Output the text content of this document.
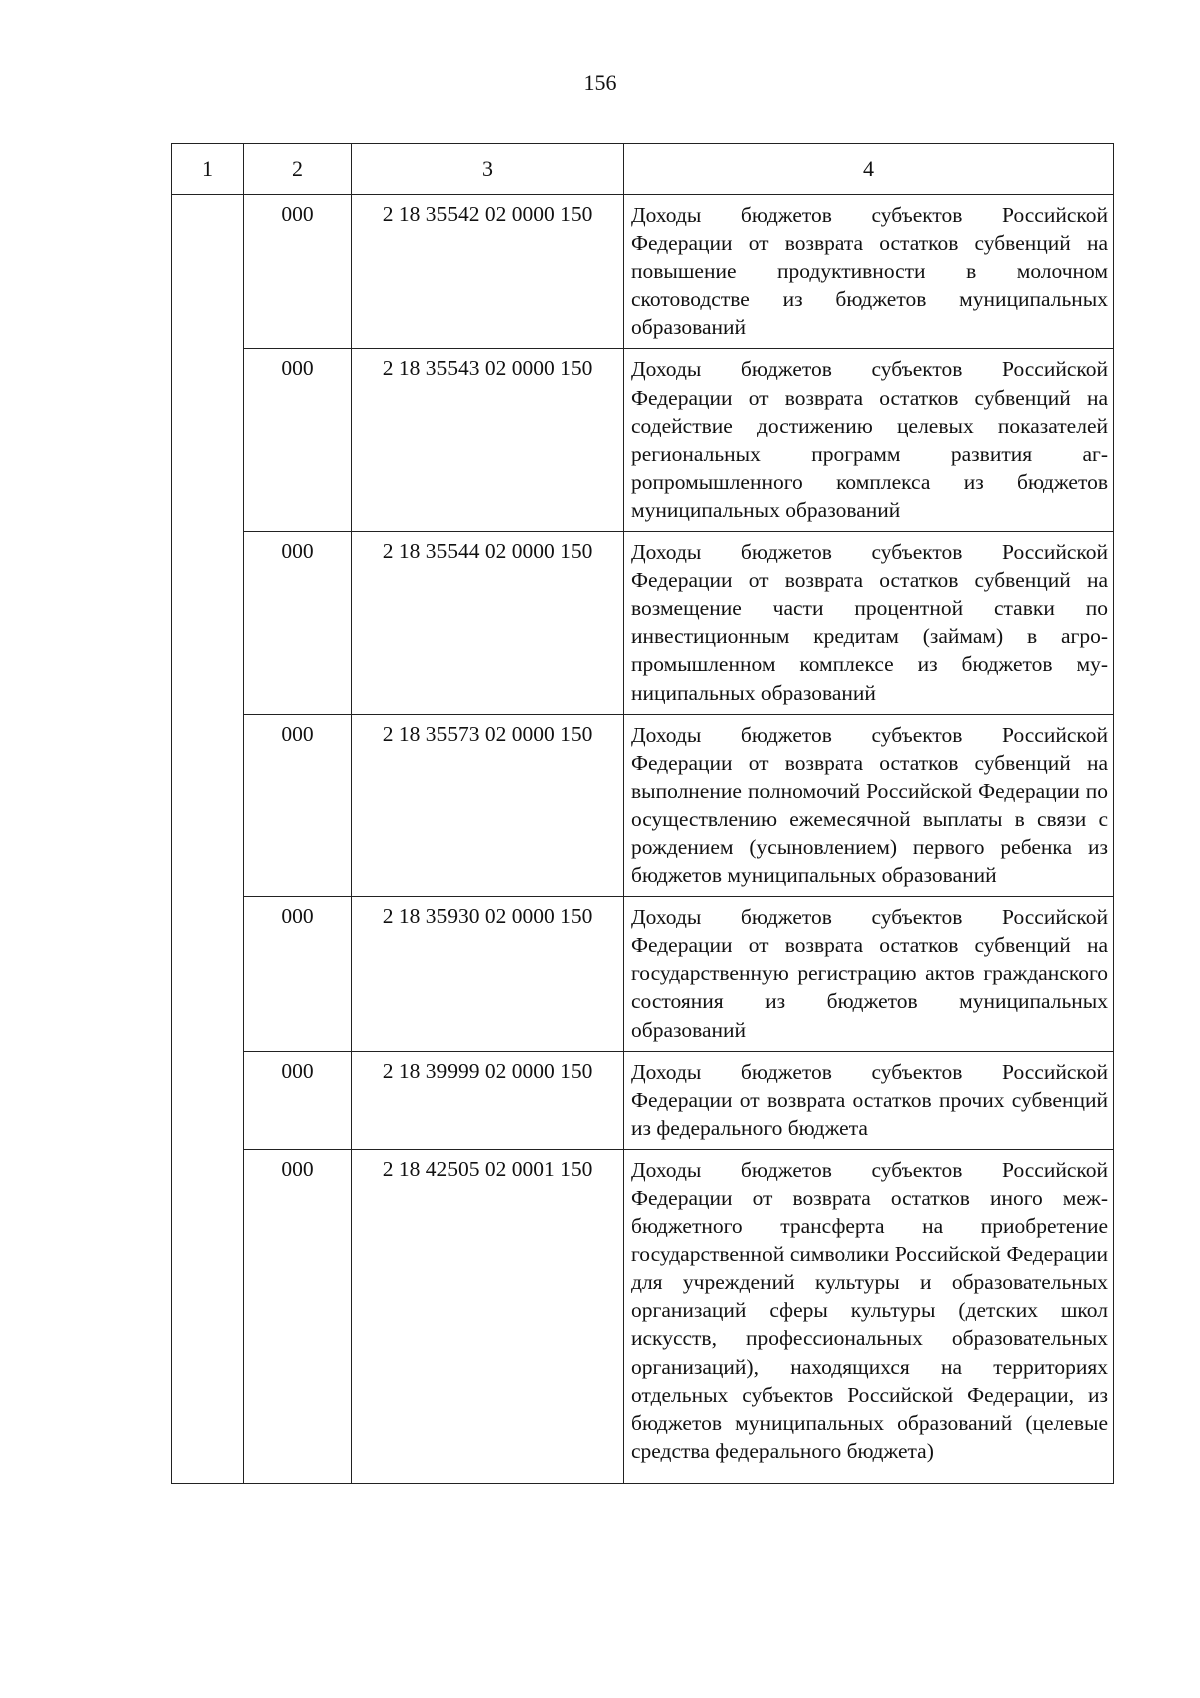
156
1	2	3	4
	000	2 18 35542 02 0000 150	Доходы бюджетов субъектов Российской Федерации от возврата остатков субвенций на повышение продуктивности в молочном скотоводстве из бюджетов муниципальных образований
	000	2 18 35543 02 0000 150	Доходы бюджетов субъектов Российской Федерации от возврата остатков субвенций на содействие достижению целевых показателей региональных программ развития агропромышленного комплекса из бюджетов муниципальных образований
	000	2 18 35544 02 0000 150	Доходы бюджетов субъектов Российской Федерации от возврата остатков субвенций на возмещение части процентной ставки по инвестиционным кредитам (займам) в агропромышленном комплексе из бюджетов муниципальных образований
	000	2 18 35573 02 0000 150	Доходы бюджетов субъектов Российской Федерации от возврата остатков субвенций на выполнение полномочий Российской Федерации по осуществлению ежемесячной выплаты в связи с рождением (усыновлением) первого ребенка из бюджетов муниципальных образований
	000	2 18 35930 02 0000 150	Доходы бюджетов субъектов Российской Федерации от возврата остатков субвенций на государственную регистрацию актов гражданского состояния из бюджетов муниципальных образований
	000	2 18 39999 02 0000 150	Доходы бюджетов субъектов Российской Федерации от возврата остатков прочих субвенций из федерального бюджета
	000	2 18 42505 02 0001 150	Доходы бюджетов субъектов Российской Федерации от возврата остатков иного межбюджетного трансферта на приобретение государственной символики Российской Федерации для учреждений культуры и образовательных организаций сферы культуры (детских школ искусств, профессиональных образовательных организаций), находящихся на территориях отдельных субъектов Российской Федерации, из бюджетов муниципальных образований (целевые средства федерального бюджета)
